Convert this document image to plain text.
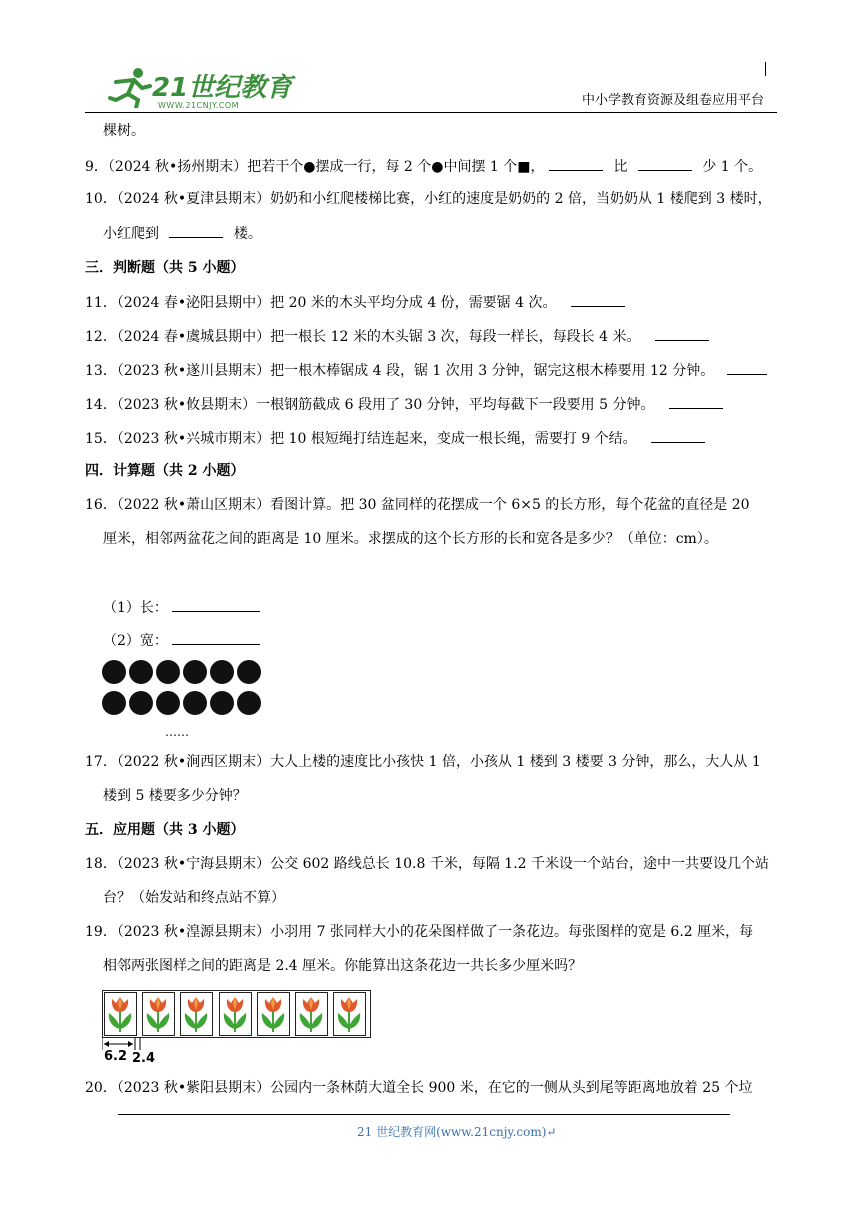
21世纪教育
WWW.21CNJY.COM	中小学教育资源及组卷应用平台
棵树。
9．（2024 秋•扬州期末）把若干个●摆成一行，每 2 个●中间摆 1 个■，	比	少 1 个。
10．（2024 秋•夏津县期末）奶奶和小红爬楼梯比赛，小红的速度是奶奶的 2 倍，当奶奶从 1 楼爬到 3 楼时，
小红爬到	楼。
三．判断题（共 5 小题）
11．（2024 春•泌阳县期中）把 20 米的木头平均分成 4 份，需要锯 4 次。
12．（2024 春•虞城县期中）把一根长 12 米的木头锯 3 次，每段一样长，每段长 4 米。
13．（2023 秋•遂川县期末）把一根木棒锯成 4 段，锯 1 次用 3 分钟，锯完这根木棒要用 12 分钟。
14．（2023 秋•攸县期末）一根钢筋截成 6 段用了 30 分钟，平均每截下一段要用 5 分钟。
15．（2023 秋•兴城市期末）把 10 根短绳打结连起来，变成一根长绳，需要打 9 个结。
四．计算题（共 2 小题）
16．（2022 秋•萧山区期末）看图计算。把 30 盆同样的花摆成一个 6×5 的长方形，每个花盆的直径是 20
厘米，相邻两盆花之间的距离是 10 厘米。求摆成的这个长方形的长和宽各是多少？（单位：cm）。
（1）长：
（2）宽：
……
17．（2022 秋•涧西区期末）大人上楼的速度比小孩快 1 倍，小孩从 1 楼到 3 楼要 3 分钟，那么，大人从 1
楼到 5 楼要多少分钟？
五．应用题（共 3 小题）
18．（2023 秋•宁海县期末）公交 602 路线总长 10.8 千米，每隔 1.2 千米设一个站台，途中一共要设几个站
台？（始发站和终点站不算）
19．（2023 秋•湟源县期末）小羽用 7 张同样大小的花朵图样做了一条花边。每张图样的宽是 6.2 厘米，每
相邻两张图样之间的距离是 2.4 厘米。你能算出这条花边一共长多少厘米吗？
6.2 2.4
20．（2023 秋•紫阳县期末）公园内一条林荫大道全长 900 米，在它的一侧从头到尾等距离地放着 25 个垃
21 世纪教育网(www.21cnjy.com)↵
